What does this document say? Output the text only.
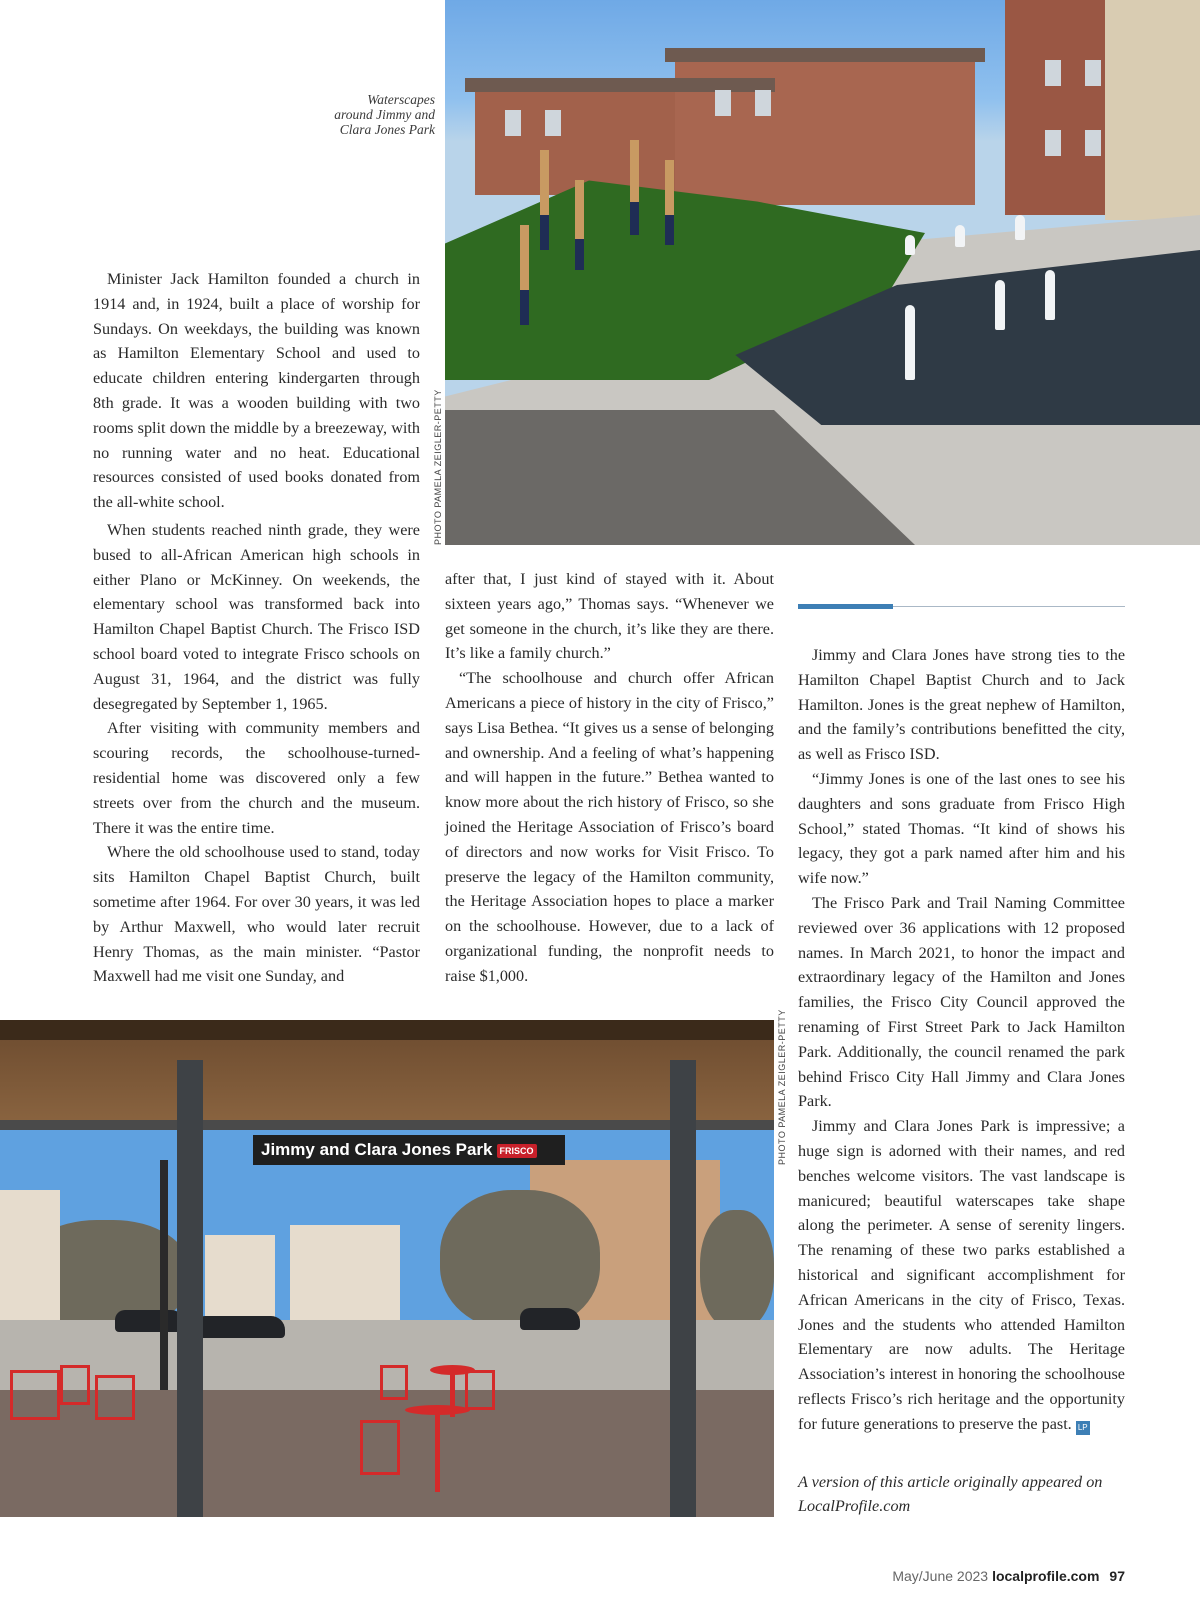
Waterscapes
around Jimmy and
Clara Jones Park
PHOTO PAMELA ZEIGLER-PETTY

Minister Jack Hamilton founded a church in 1914 and, in 1924, built a place of worship for Sundays. On weekdays, the building was known as Hamilton Elementary School and used to educate children entering kindergarten through 8th grade. It was a wooden building with two rooms split down the middle by a breezeway, with no running water and no heat. Educational resources consisted of used books donated from the all-white school.

When students reached ninth grade, they were bused to all-African American high schools in either Plano or McKinney. On weekends, the elementary school was transformed back into Hamilton Chapel Baptist Church. The Frisco ISD school board voted to integrate Frisco schools on August 31, 1964, and the district was fully desegregated by September 1, 1965.

After visiting with community members and scouring records, the schoolhouse-turned-residential home was discovered only a few streets over from the church and the museum. There it was the entire time.

Where the old schoolhouse used to stand, today sits Hamilton Chapel Baptist Church, built sometime after 1964. For over 30 years, it was led by Arthur Maxwell, who would later recruit Henry Thomas, as the main minister. “Pastor Maxwell had me visit one Sunday, and

after that, I just kind of stayed with it. About sixteen years ago,” Thomas says. “Whenever we get someone in the church, it’s like they are there. It’s like a family church.”

“The schoolhouse and church offer African Americans a piece of history in the city of Frisco,” says Lisa Bethea. “It gives us a sense of belonging and ownership. And a feeling of what’s happening and will happen in the future.” Bethea wanted to know more about the rich history of Frisco, so she joined the Heritage Association of Frisco’s board of directors and now works for Visit Frisco. To preserve the legacy of the Hamilton community, the Heritage Association hopes to place a marker on the schoolhouse. However, due to a lack of organizational funding, the nonprofit needs to raise $1,000.

Jimmy and Clara Jones have strong ties to the Hamilton Chapel Baptist Church and to Jack Hamilton. Jones is the great nephew of Hamilton, and the family’s contributions benefitted the city, as well as Frisco ISD.

“Jimmy Jones is one of the last ones to see his daughters and sons graduate from Frisco High School,” stated Thomas. “It kind of shows his legacy, they got a park named after him and his wife now.”

The Frisco Park and Trail Naming Committee reviewed over 36 applications with 12 proposed names. In March 2021, to honor the impact and extraordinary legacy of the Hamilton and Jones families, the Frisco City Council approved the renaming of First Street Park to Jack Hamilton Park. Additionally, the council renamed the park behind Frisco City Hall Jimmy and Clara Jones Park.

Jimmy and Clara Jones Park is impressive; a huge sign is adorned with their names, and red benches welcome visitors. The vast landscape is manicured; beautiful waterscapes take shape along the perimeter. A sense of serenity lingers. The renaming of these two parks established a historical and significant accomplishment for African Americans in the city of Frisco, Texas. Jones and the students who attended Hamilton Elementary are now adults. The Heritage Association’s interest in honoring the schoolhouse reflects Frisco’s rich heritage and the opportunity for future generations to preserve the past. LP

Jimmy and Clara Jones Park FRISCO	PHOTO PAMELA ZEIGLER-PETTY
A version of this article originally appeared on
LocalProfile.com
May/June 2023 localprofile.com 97
